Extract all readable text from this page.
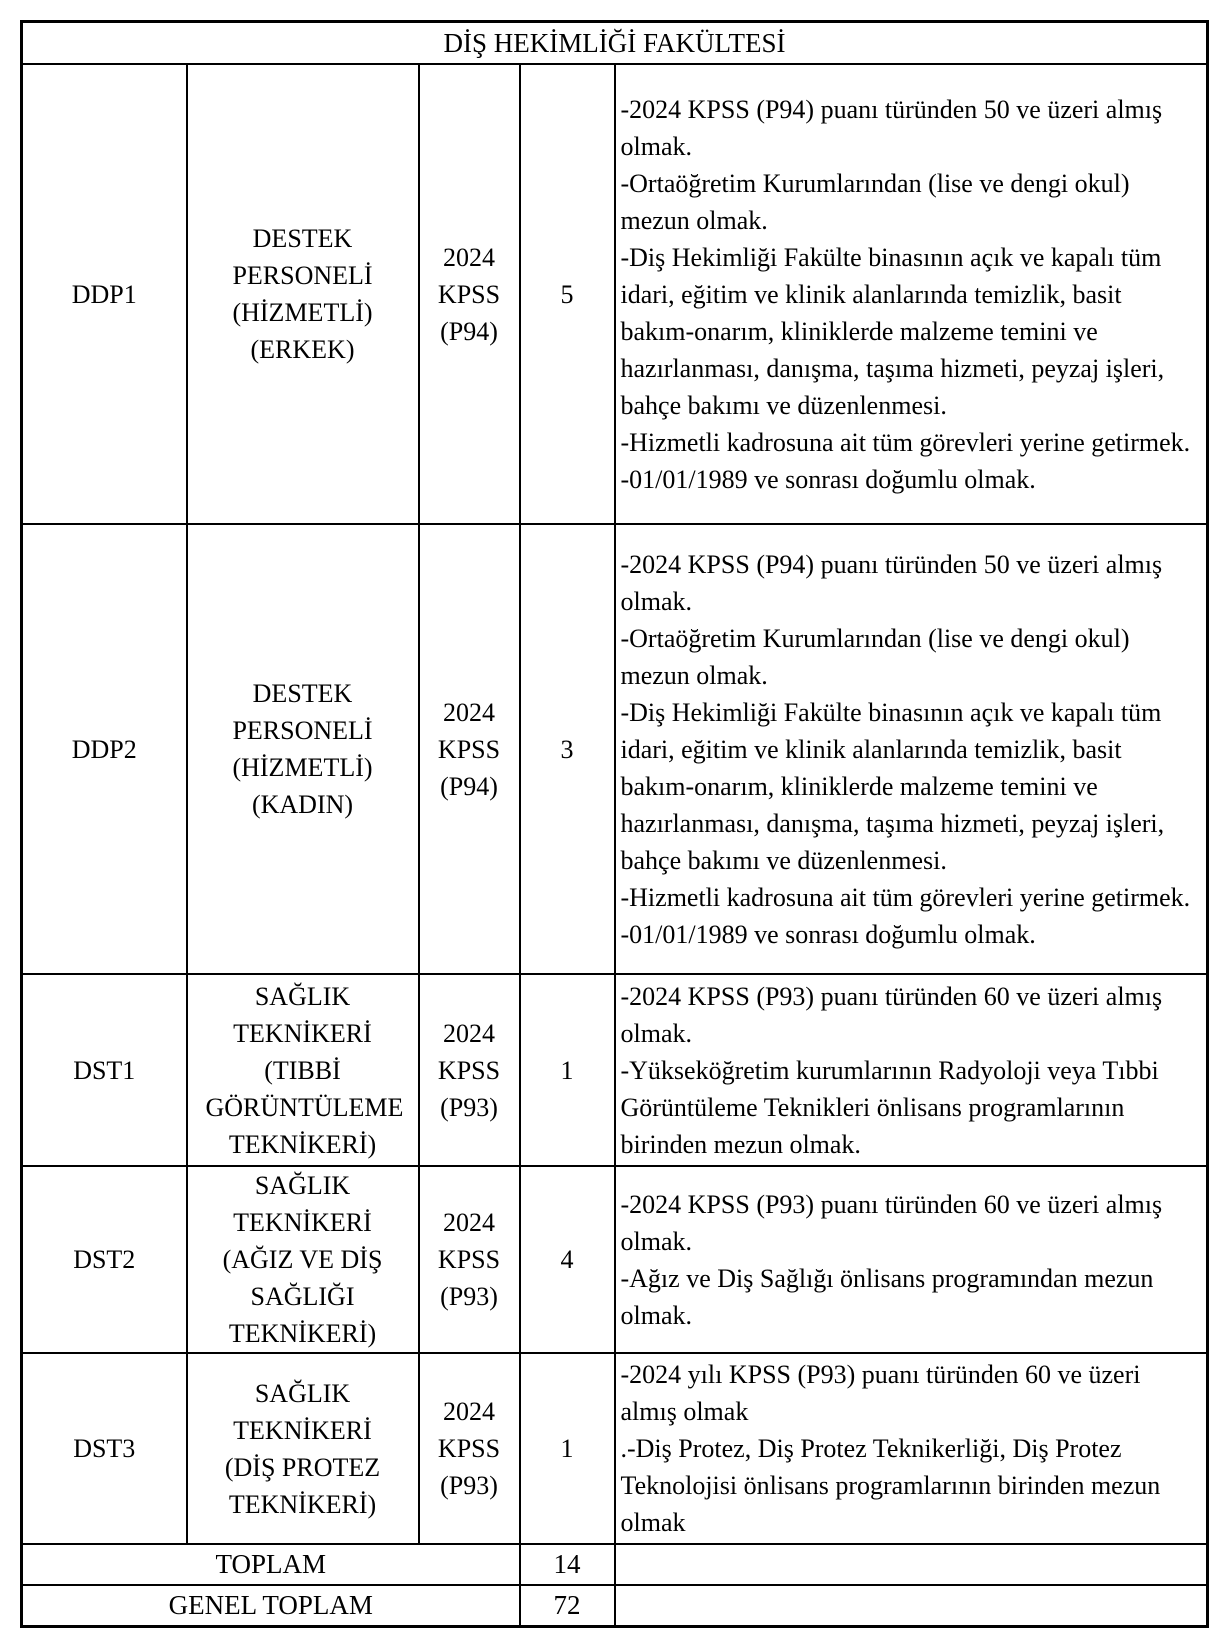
DİŞ HEKİMLİĞİ FAKÜLTESİ				
DDP1	DESTEK PERSONELİ (HİZMETLİ) (ERKEK)	2024 KPSS (P94)	5	-2024 KPSS (P94) puanı türünden 50 ve üzeri almış olmak.
-Ortaöğretim Kurumlarından (lise ve dengi okul) mezun olmak.
-Diş Hekimliği Fakülte binasının açık ve kapalı tüm idari, eğitim ve klinik alanlarında temizlik, basit bakım-onarım, kliniklerde malzeme temini ve hazırlanması, danışma, taşıma hizmeti, peyzaj işleri, bahçe bakımı ve düzenlenmesi.
-Hizmetli kadrosuna ait tüm görevleri yerine getirmek.
-01/01/1989 ve sonrası doğumlu olmak.

DDP2	DESTEK PERSONELİ (HİZMETLİ) (KADIN)	2024 KPSS (P94)	3	-2024 KPSS (P94) puanı türünden 50 ve üzeri almış olmak.
-Ortaöğretim Kurumlarından (lise ve dengi okul) mezun olmak.
-Diş Hekimliği Fakülte binasının açık ve kapalı tüm idari, eğitim ve klinik alanlarında temizlik, basit bakım-onarım, kliniklerde malzeme temini ve hazırlanması, danışma, taşıma hizmeti, peyzaj işleri, bahçe bakımı ve düzenlenmesi.
-Hizmetli kadrosuna ait tüm görevleri yerine getirmek.
-01/01/1989 ve sonrası doğumlu olmak.

DST1	SAĞLIK TEKNİKERİ (TIBBİ GÖRÜNTÜLEME TEKNİKERİ)	2024 KPSS (P93)	1	-2024 KPSS (P93) puanı türünden 60 ve üzeri almış olmak.
-Yükseköğretim kurumlarının Radyoloji veya Tıbbi Görüntüleme Teknikleri önlisans programlarının birinden mezun olmak.

DST2	SAĞLIK TEKNİKERİ (AĞIZ VE DİŞ SAĞLIĞI TEKNİKERİ)	2024 KPSS (P93)	4	-2024 KPSS (P93) puanı türünden 60 ve üzeri almış olmak.
-Ağız ve Diş Sağlığı önlisans programından mezun olmak.

DST3	SAĞLIK TEKNİKERİ (DİŞ PROTEZ TEKNİKERİ)	2024 KPSS (P93)	1	-2024 yılı KPSS (P93) puanı türünden 60 ve üzeri almış olmak
.-Diş Protez, Diş Protez Teknikerliği, Diş Protez Teknolojisi önlisans programlarının birinden mezun olmak

TOPLAM			14	
GENEL TOPLAM			72	
